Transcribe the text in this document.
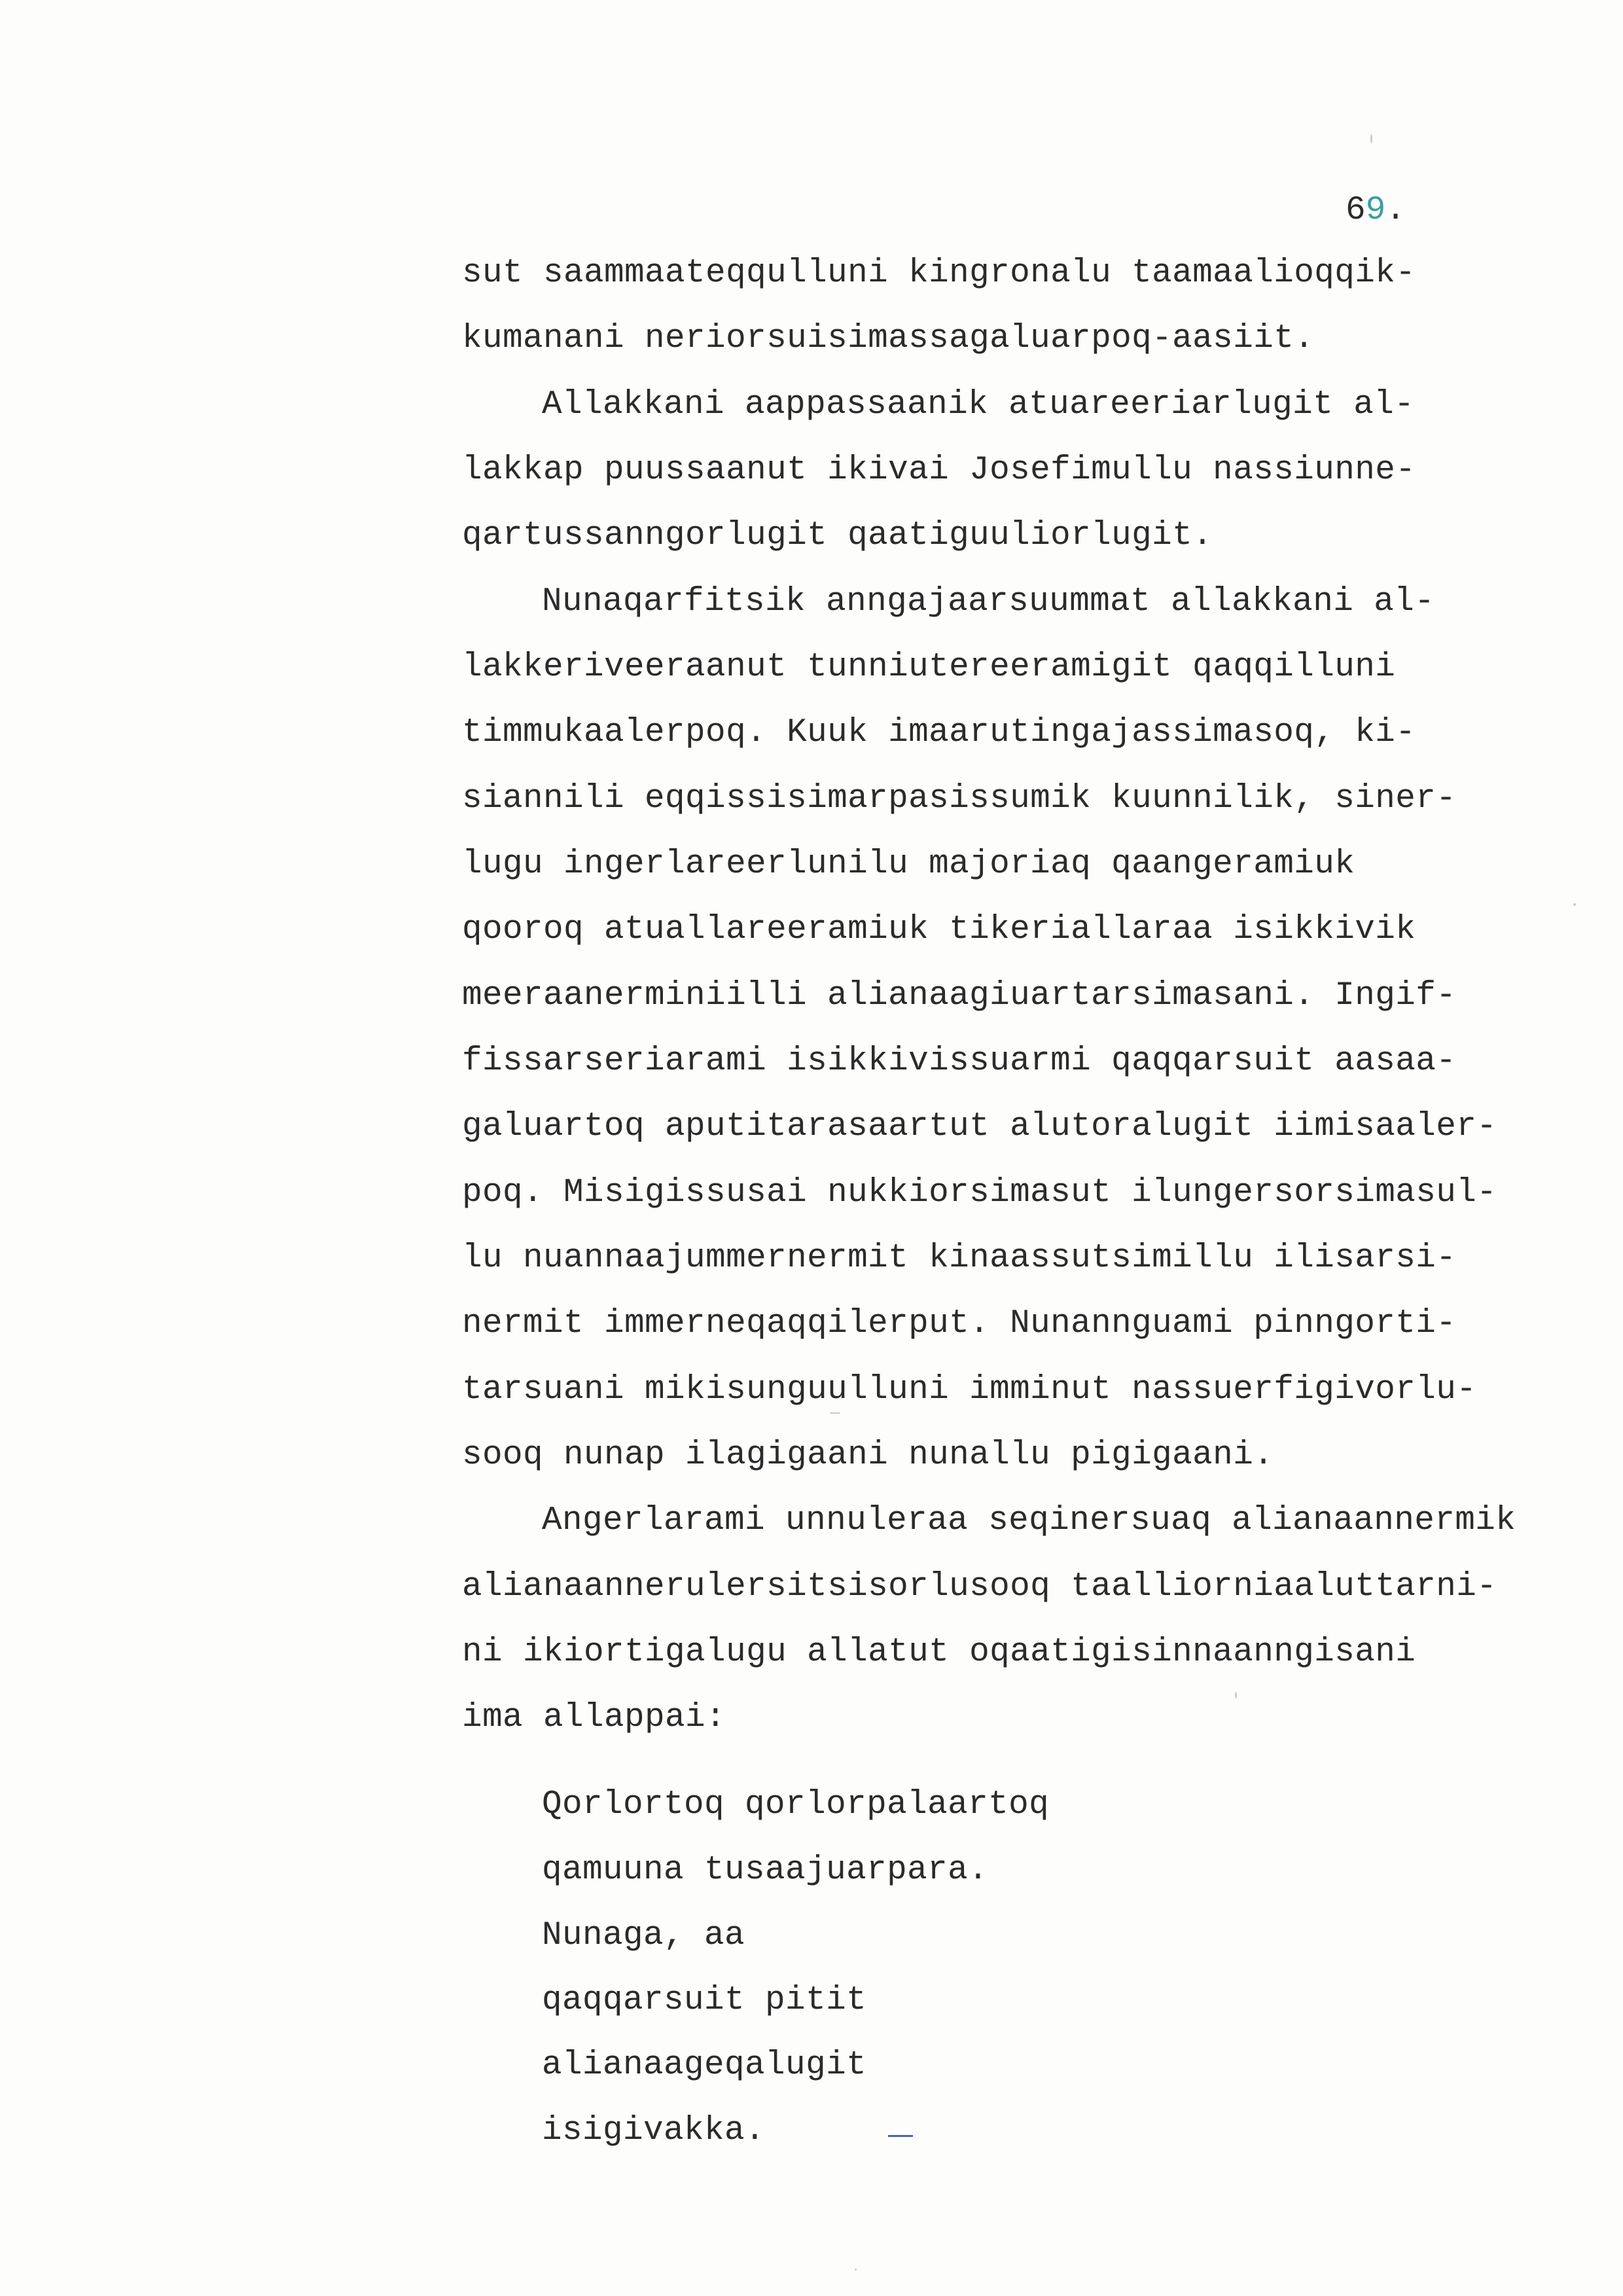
69.

sut saammaateqqulluni kingronalu taamaalioqqik-

kumanani neriorsuisimassagaluarpoq-aasiit.

Allakkani aappassaanik atuareeriarlugit al-

lakkap puussaanut ikivai Josefimullu nassiunne-

qartussanngorlugit qaatiguuliorlugit.

Nunaqarfitsik anngajaarsuummat allakkani al-

lakkeriveeraanut tunniutereeramigit qaqqilluni

timmukaalerpoq. Kuuk imaarutingajassimasoq, ki-

siannili eqqissisimarpasissumik kuunnilik, siner-

lugu ingerlareerlunilu majoriaq qaangeramiuk

qooroq atuallareeramiuk tikeriallaraa isikkivik

meeraanerminiilli alianaagiuartarsimasani. Ingif-

fissarseriarami isikkivissuarmi qaqqarsuit aasaa-

galuartoq aputitarasaartut alutoralugit iimisaaler-

poq. Misigissusai nukkiorsimasut ilungersorsimasul-

lu nuannaajummernermit kinaassutsimillu ilisarsi-

nermit immerneqaqqilerput. Nunannguami pinngorti-

tarsuani mikisunguulluni imminut nassuerfigivorlu-

sooq nunap ilagigaani nunallu pigigaani.

Angerlarami unnuleraa seqinersuaq alianaannermik

alianaannerulersitsisorlusooq taalliorniaaluttarni-

ni ikiortigalugu allatut oqaatigisinnaanngisani

ima allappai:

Qorlortoq qorlorpalaartoq

qamuuna tusaajuarpara.

Nunaga, aa

qaqqarsuit pitit

alianaageqalugit

isigivakka.
